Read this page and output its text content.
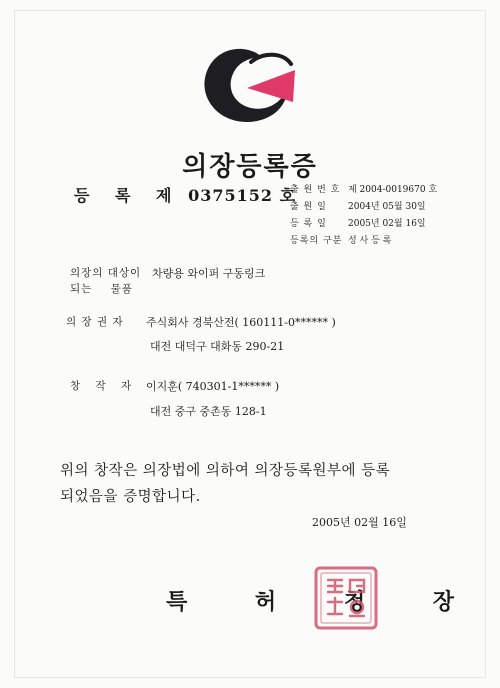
의장등록증
등 록 제 0375152 호
출 원 번 호 제 2004-0019670 호
출 원 일	2004년 05월 30일
등 록 일	2005년 02월 16일
등록의 구분 성 사 등 록
의장의 대상이
되는 물품
차량용 와이퍼 구동링크
의 장 권 자 주식회사 경북산전( 160111-0****** )
대전 대덕구 대화동 290-21
창 작 자 이지훈( 740301-1****** )
대전 중구 중촌동 128-1
위의 창작은 의장법에 의하여 의장등록원부에 등록
되었음을 증명합니다.
2005년 02월 16일
특 허 청 장
